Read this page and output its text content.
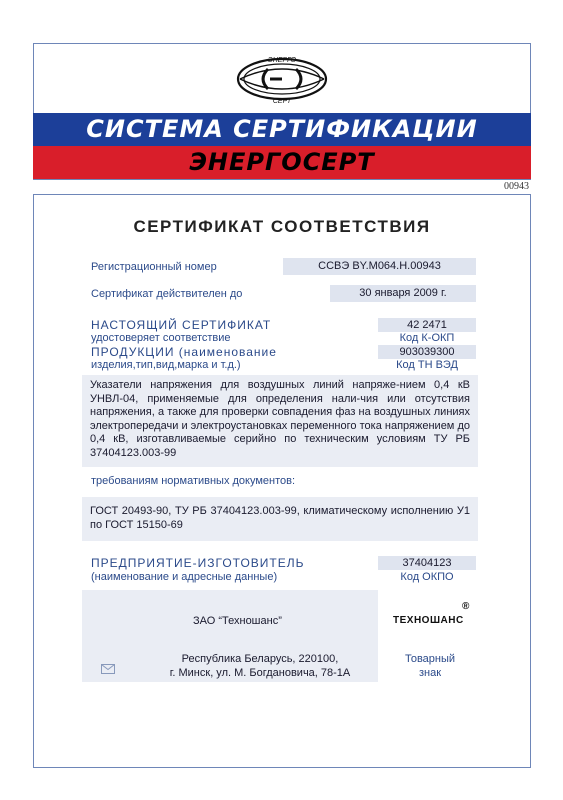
ЭНЕРГО
СЕРТ
СИСТЕМА СЕРТИФИКАЦИИ
ЭНЕРГОСЕРТ
00943
СЕРТИФИКАТ СООТВЕТСТВИЯ
Регистрационный номер	ССВЭ BY.М064.Н.00943
Сертификат действителен до	30 января 2009 г.
НАСТОЯЩИЙ СЕРТИФИКАТ
удостоверяет соответствие
ПРОДУКЦИИ (наименование
изделия,тип,вид,марка и т.д.)
42 2471
Код К-ОКП
903039300
Код ТН ВЭД
Указатели напряжения для воздушных линий напряже-нием 0,4 кВ УНВЛ-04, применяемые для определения нали-чия или отсутствия напряжения, а также для проверки совпадения фаз на воздушных линиях электропередачи и электроустановках переменного тока напряжением до 0,4 кВ, изготавливаемые серийно по техническим условиям ТУ РБ 37404123.003-99
требованиям нормативных документов:
ГОСТ 20493-90, ТУ РБ 37404123.003-99, климатическому исполнению У1 по ГОСТ 15150-69
ПРЕДПРИЯТИЕ-ИЗГОТОВИТЕЛЬ
(наименование и адресные данные)
37404123
Код ОКПО
ЗАО “Техношанс”
Республика Беларусь, 220100,
г. Минск, ул. М. Богдановича, 78-1А
®
ТЕХНОШАНС
Товарный
знак
